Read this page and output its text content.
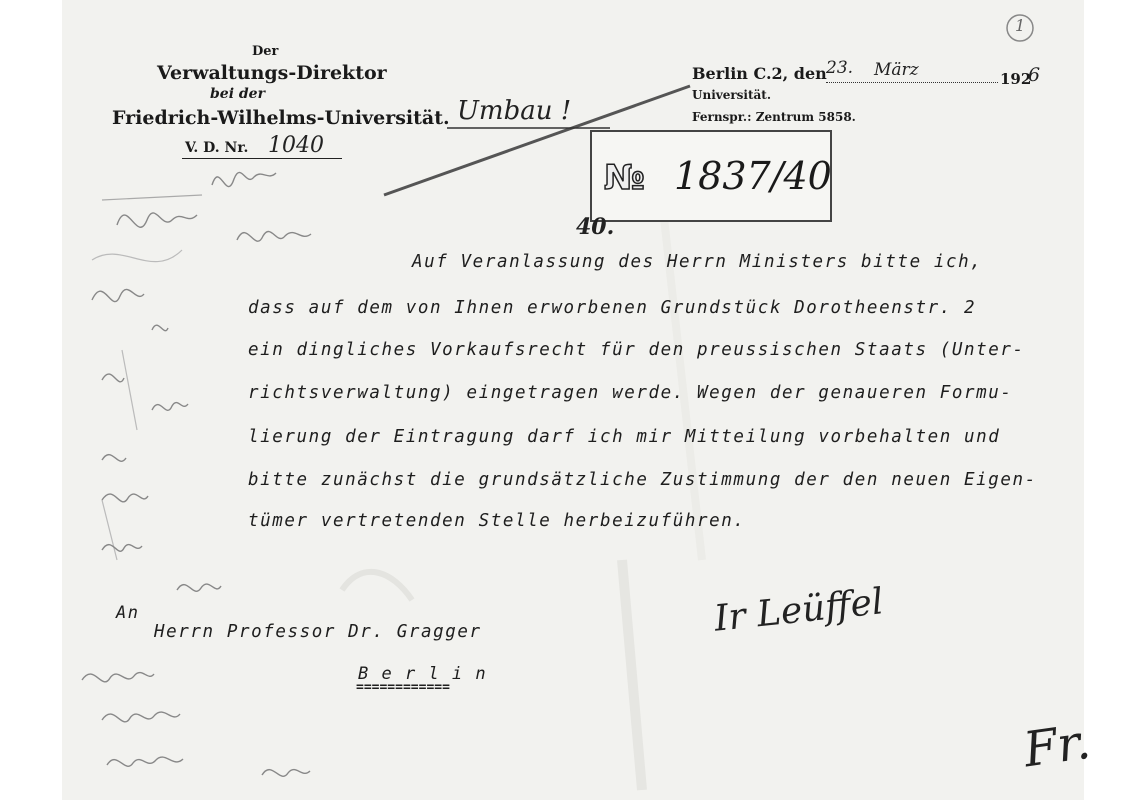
Der
Verwaltungs-Direktor
bei der
Friedrich-Wilhelms-Universität.
V. D. Nr. 1040
Berlin C.2, den 23. März	192
6
Universität.
Fernspr.: Zentrum 5858.
Umbau !
1
№ 1837/40
40.
Auf Veranlassung des Herrn Ministers bitte ich,
dass auf dem von Ihnen erworbenen Grundstück Dorotheenstr. 2
ein dingliches Vorkaufsrecht für den preussischen Staats (Unter-
richtsverwaltung) eingetragen werde. Wegen der genaueren Formu-
lierung der Eintragung darf ich mir Mitteilung vorbehalten und
bitte zunächst die grundsätzliche Zustimmung der den neuen Eigen-
tümer vertretenden Stelle herbeizuführen.
An
Herrn Professor Dr. Gragger
B e r l i n
============
Ir Leüffel
Fr.
